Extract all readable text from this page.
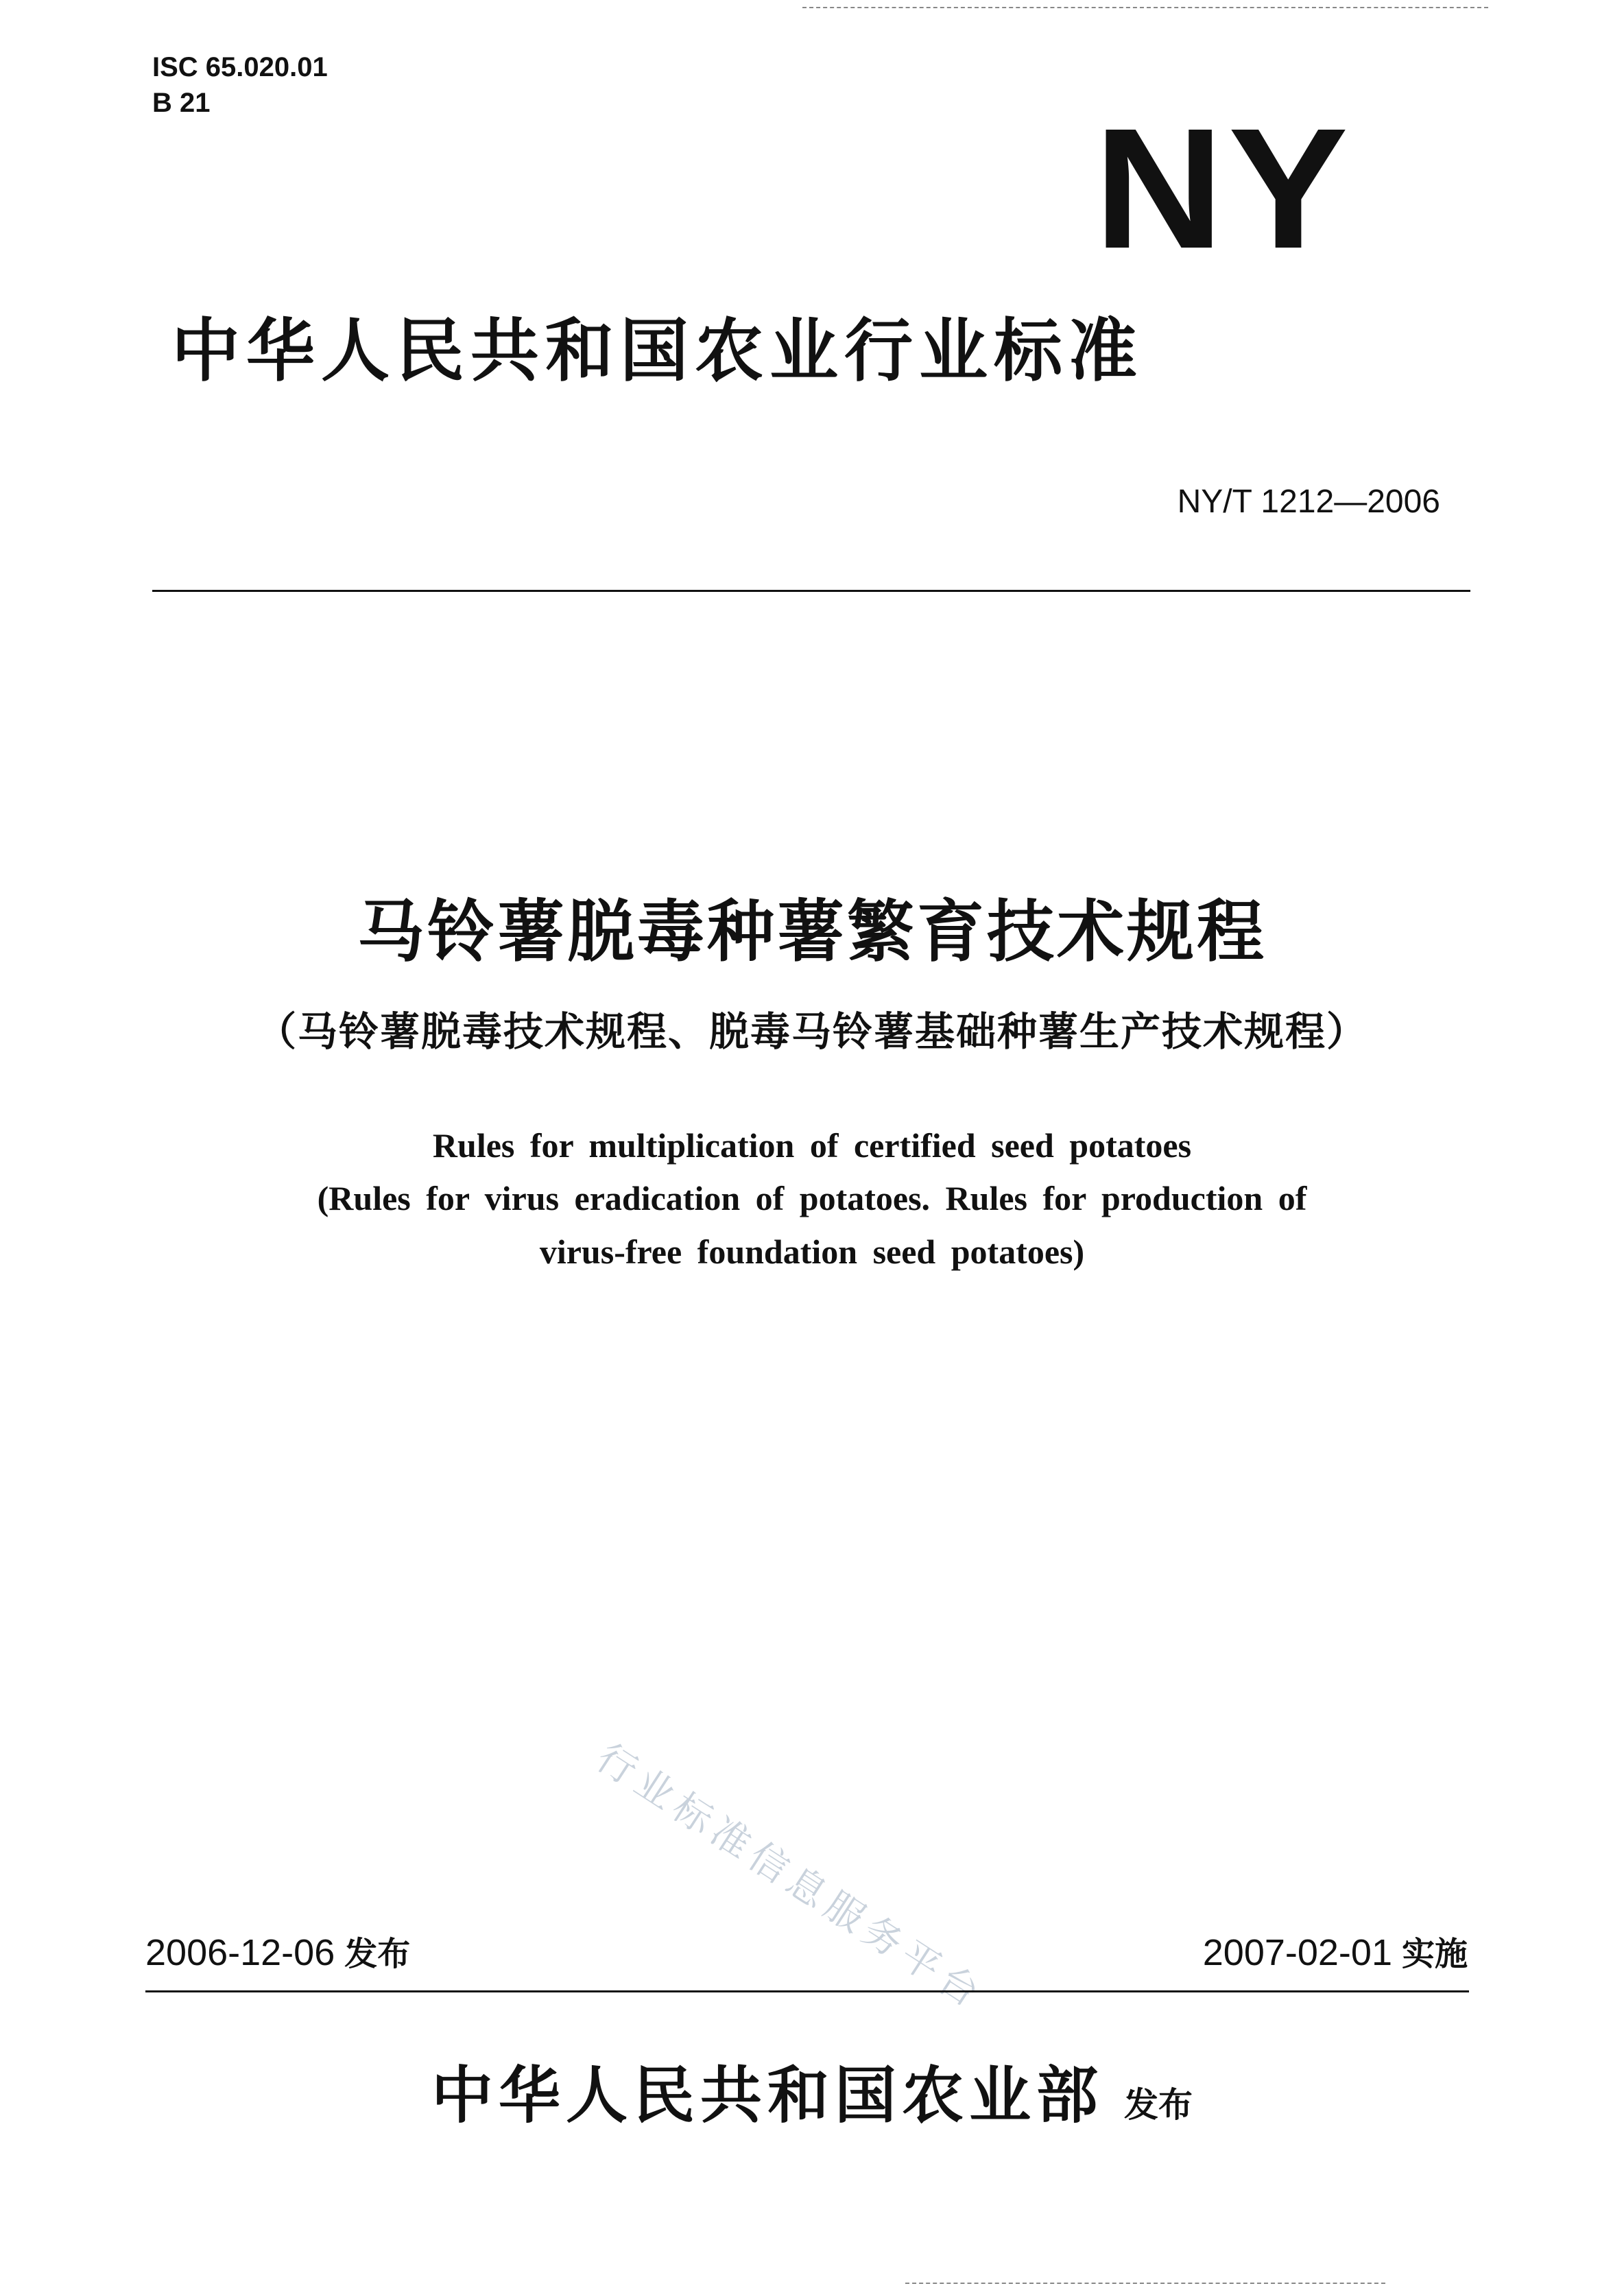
ISC 65.020.01
B 21	NY
中华人民共和国农业行业标准
NY/T 1212—2006
马铃薯脱毒种薯繁育技术规程
（马铃薯脱毒技术规程、脱毒马铃薯基础种薯生产技术规程）
Rules for multiplication of certified seed potatoes
(Rules for virus eradication of potatoes. Rules for production of
virus-free foundation seed potatoes)
行业标准信息服务平台
2006-12-06 发布	2007-02-01 实施
中华人民共和国农业部 发布
